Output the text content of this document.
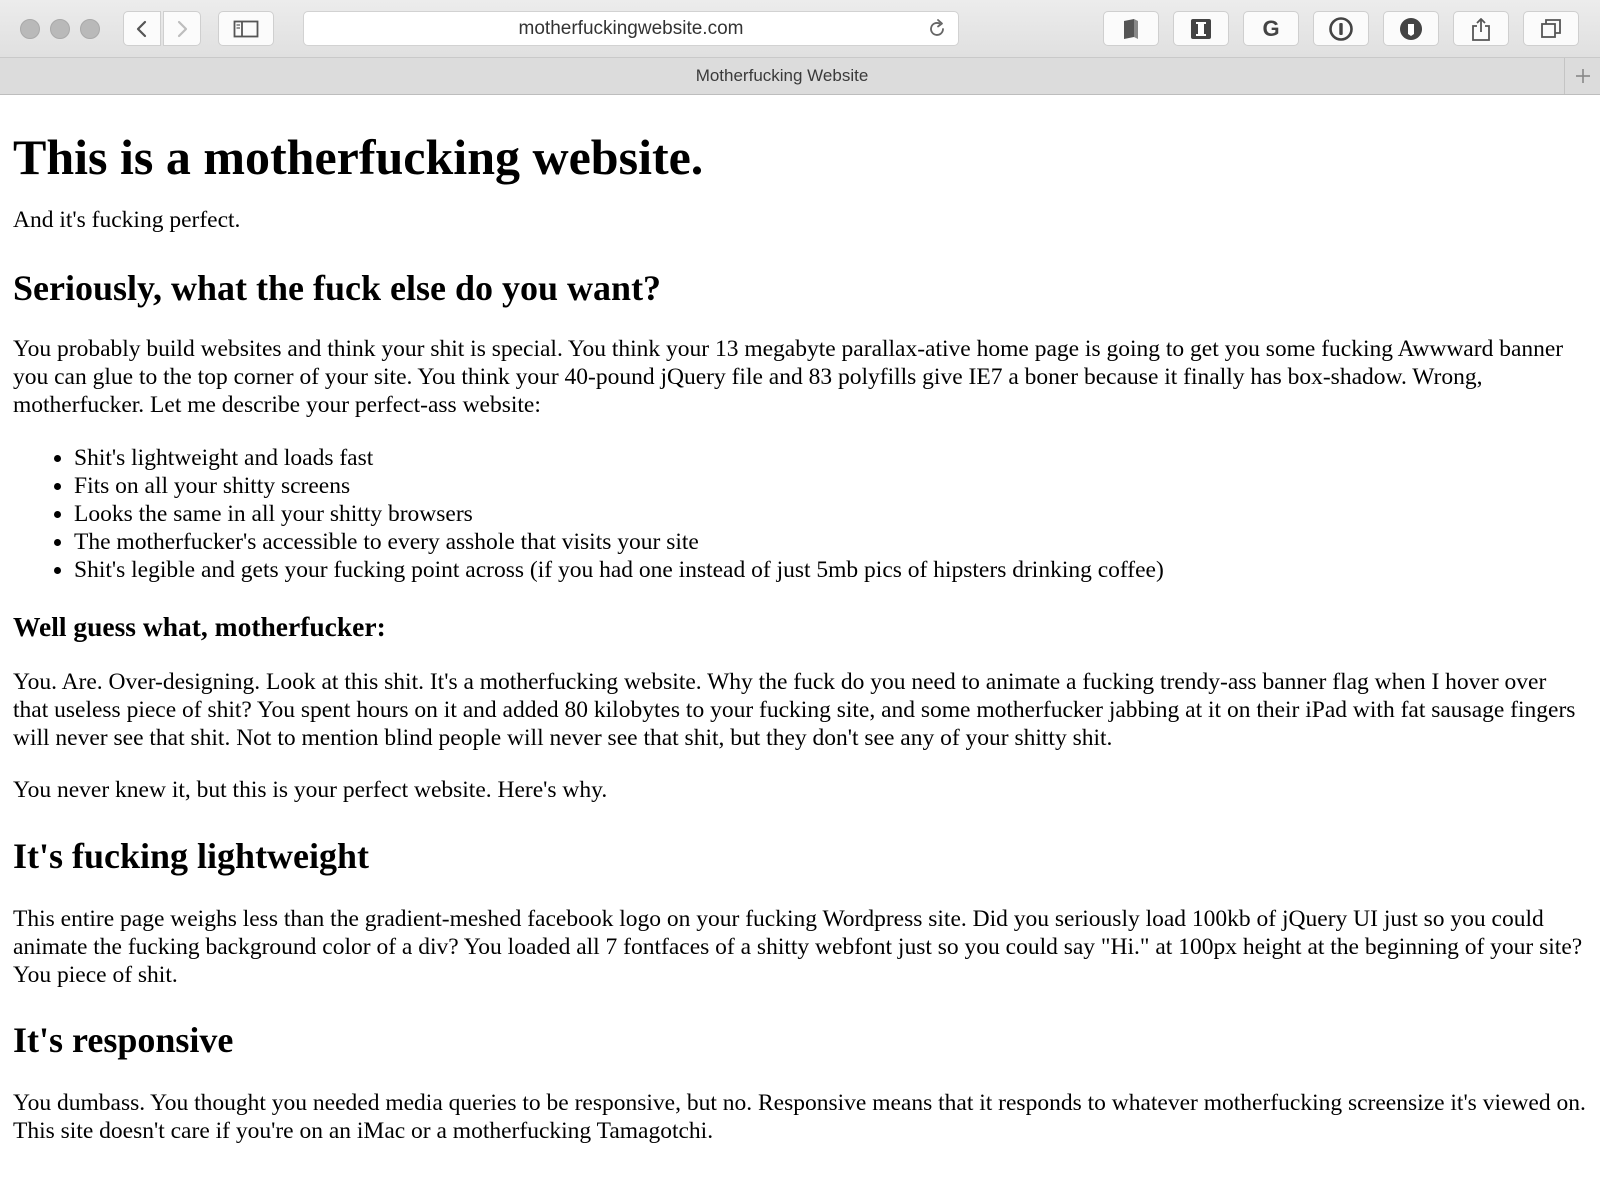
motherfuckingwebsite.com	G
Motherfucking Website
This is a motherfucking website.

And it's fucking perfect.

Seriously, what the fuck else do you want?

You probably build websites and think your shit is special. You think your 13 megabyte parallax-ative home page is going to get you some fucking Awwward banner you can glue to the top corner of your site. You think your 40-pound jQuery file and 83 polyfills give IE7 a boner because it finally has box-shadow. Wrong, motherfucker. Let me describe your perfect-ass website:

• Shit's lightweight and loads fast
• Fits on all your shitty screens
• Looks the same in all your shitty browsers
• The motherfucker's accessible to every asshole that visits your site
• Shit's legible and gets your fucking point across (if you had one instead of just 5mb pics of hipsters drinking coffee)
Well guess what, motherfucker:

You. Are. Over-designing. Look at this shit. It's a motherfucking website. Why the fuck do you need to animate a fucking trendy-ass banner flag when I hover over that useless piece of shit? You spent hours on it and added 80 kilobytes to your fucking site, and some motherfucker jabbing at it on their iPad with fat sausage fingers will never see that shit. Not to mention blind people will never see that shit, but they don't see any of your shitty shit.

You never knew it, but this is your perfect website. Here's why.

It's fucking lightweight

This entire page weighs less than the gradient-meshed facebook logo on your fucking Wordpress site. Did you seriously load 100kb of jQuery UI just so you could animate the fucking background color of a div? You loaded all 7 fontfaces of a shitty webfont just so you could say "Hi." at 100px height at the beginning of your site? You piece of shit.

It's responsive

You dumbass. You thought you needed media queries to be responsive, but no. Responsive means that it responds to whatever motherfucking screensize it's viewed on. This site doesn't care if you're on an iMac or a motherfucking Tamagotchi.
